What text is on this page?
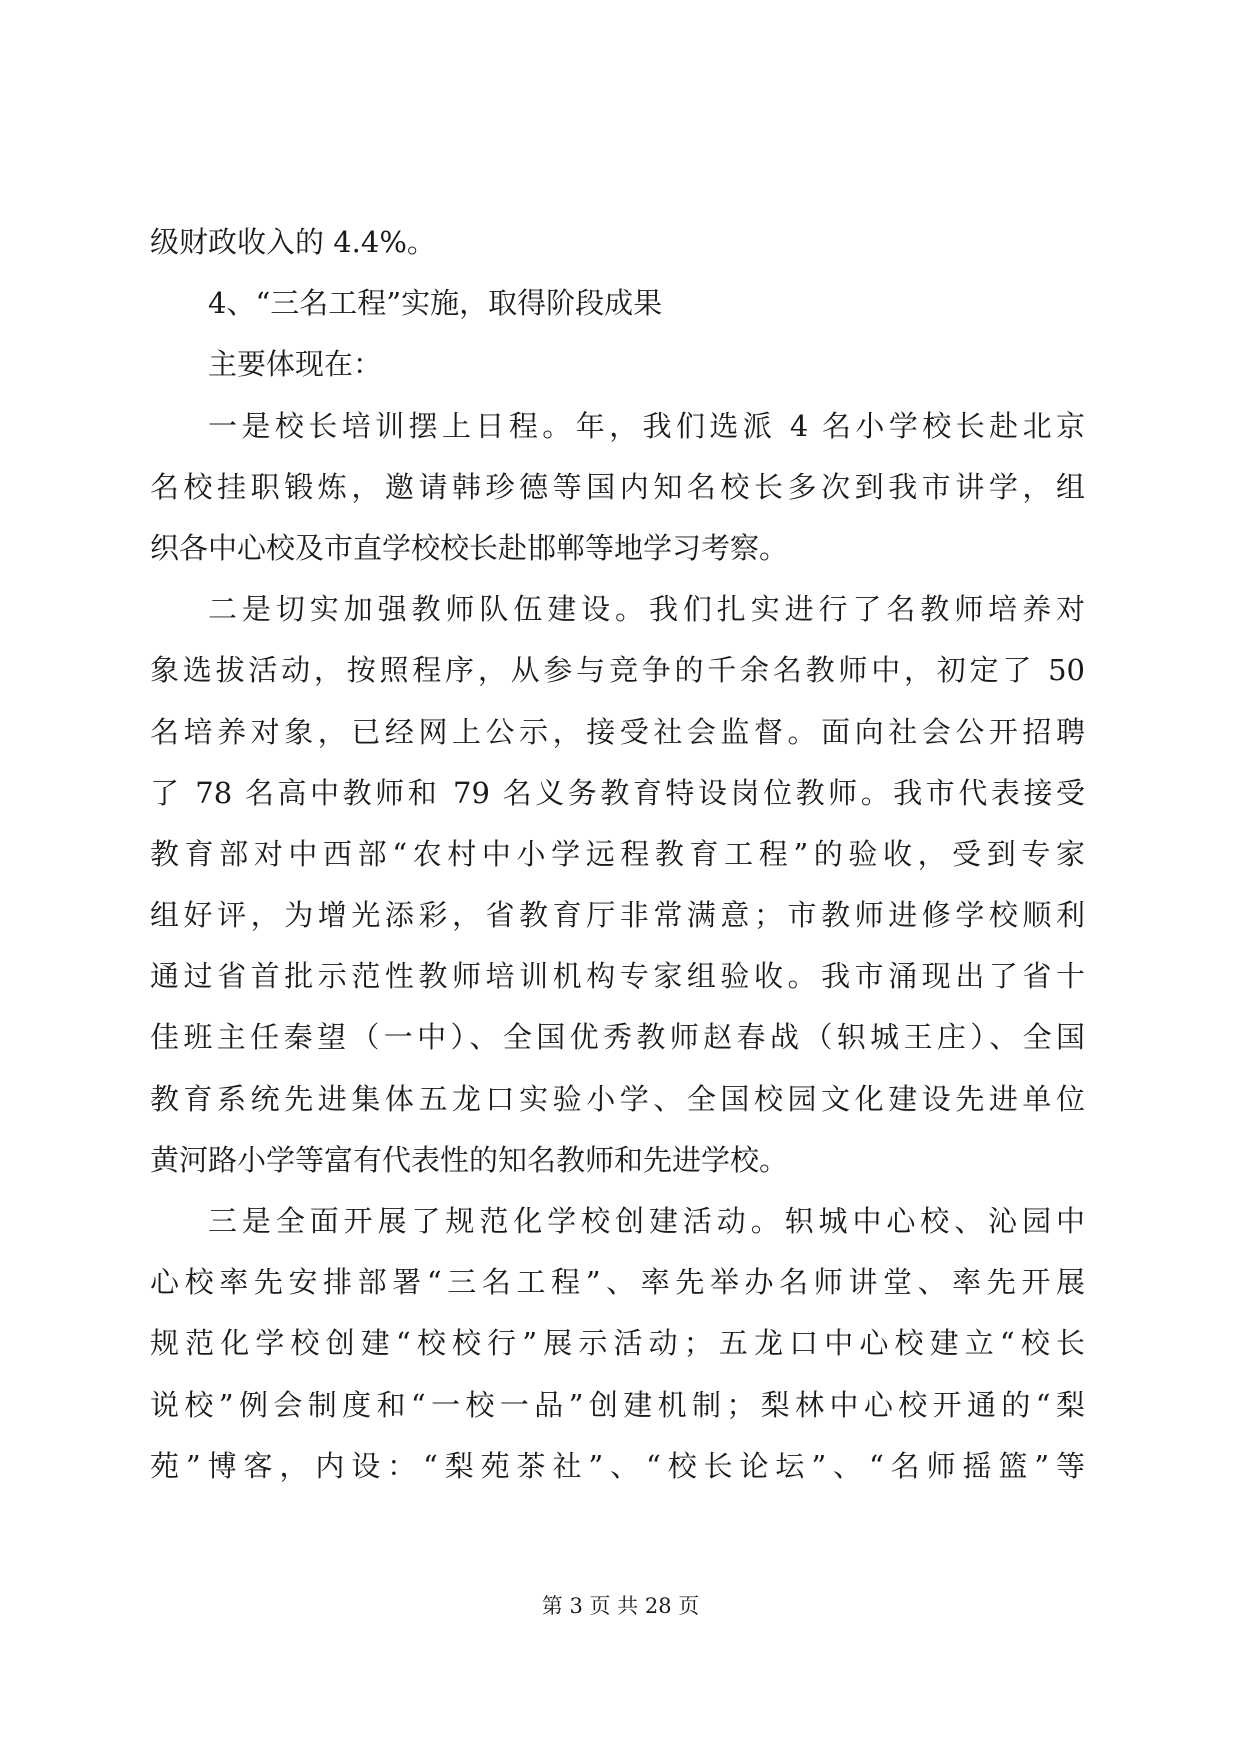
级财政收入的 4.4%。
4、“三名工程”实施，取得阶段成果
主要体现在：
一是校长培训摆上日程。年，我们选派 4 名小学校长赴北京
名校挂职锻炼，邀请韩珍德等国内知名校长多次到我市讲学，组
织各中心校及市直学校校长赴邯郸等地学习考察。
二是切实加强教师队伍建设。我们扎实进行了名教师培养对
象选拔活动，按照程序，从参与竞争的千余名教师中，初定了 50
名培养对象，已经网上公示，接受社会监督。面向社会公开招聘
了 78 名高中教师和 79 名义务教育特设岗位教师。我市代表接受
教育部对中西部“农村中小学远程教育工程”的验收，受到专家
组好评，为增光添彩，省教育厅非常满意；市教师进修学校顺利
通过省首批示范性教师培训机构专家组验收。我市涌现出了省十
佳班主任秦望（一中）、全国优秀教师赵春战（轵城王庄）、全国
教育系统先进集体五龙口实验小学、全国校园文化建设先进单位
黄河路小学等富有代表性的知名教师和先进学校。
三是全面开展了规范化学校创建活动。轵城中心校、沁园中
心校率先安排部署“三名工程”、率先举办名师讲堂、率先开展
规范化学校创建“校校行”展示活动；五龙口中心校建立“校长
说校”例会制度和“一校一品”创建机制；梨林中心校开通的“梨
苑”博客，内设：“梨苑茶社”、“校长论坛”、“名师摇篮”等
第 3 页 共 28 页
